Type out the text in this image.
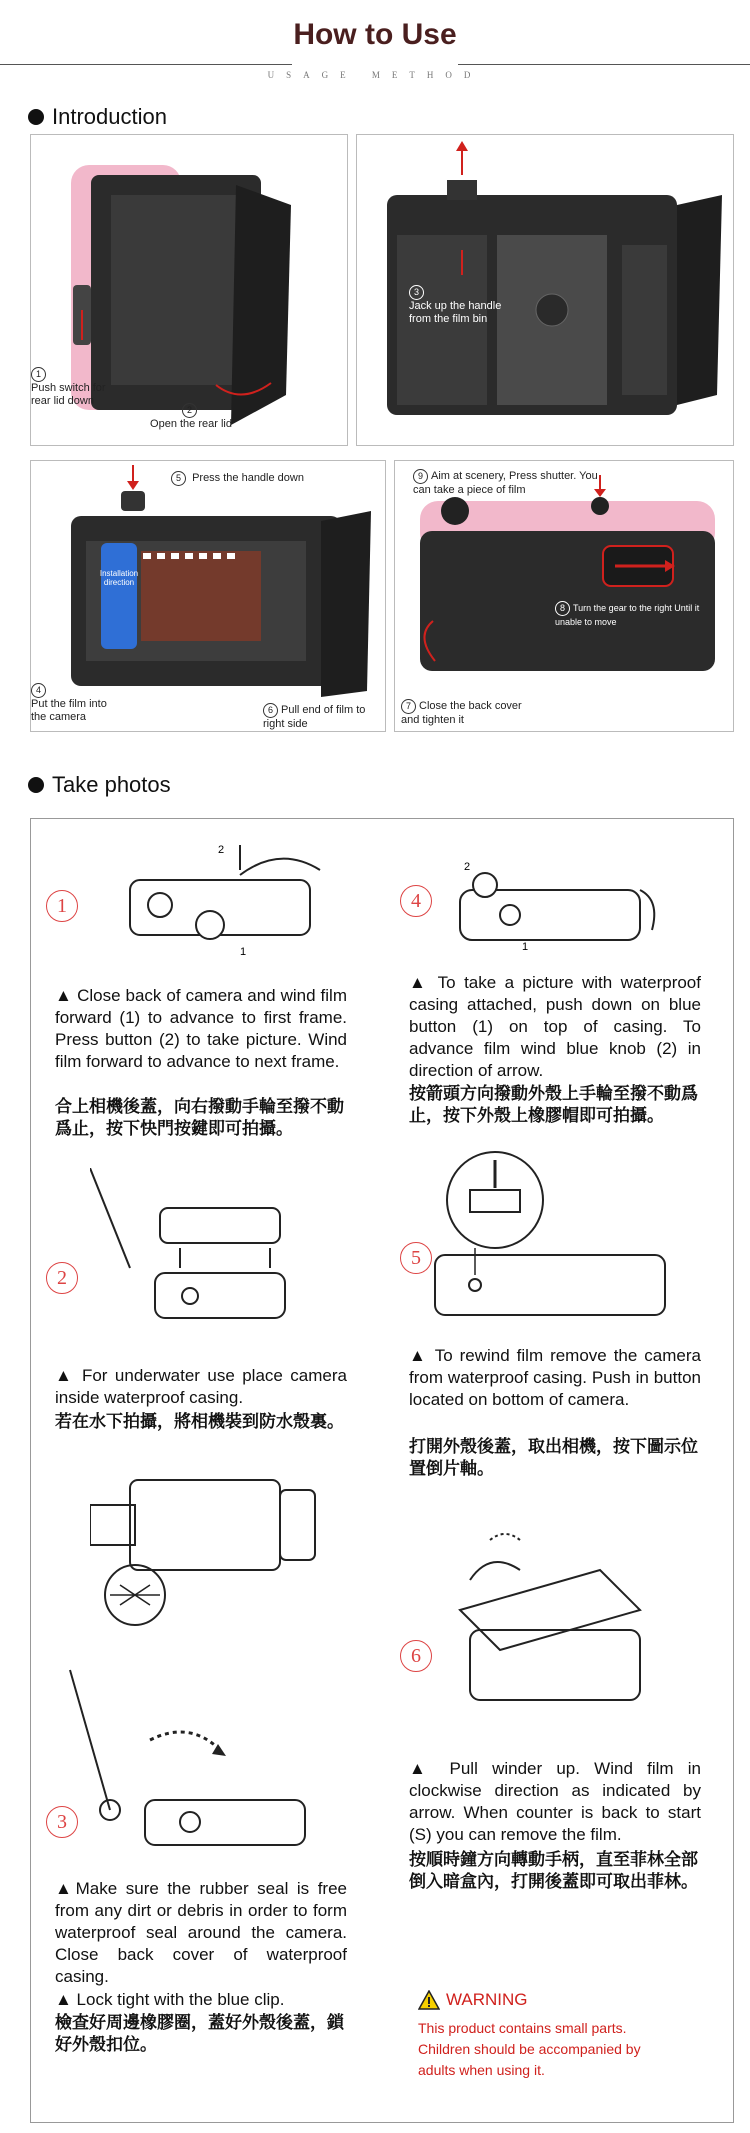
How to Use
USAGE METHOD
Introduction
1
Push switch for rear lid down
2
Open the rear lid
3
Jack up the handle from the film bin
Installation direction
5 Press the handle down
4
Put the film into the camera
6 Pull end of film to right side
9 Aim at scenery, Press shutter. You can take a piece of film
8 Turn the gear to the right Until it unable to move
7 Close the back cover and tighten it
Take photos
1
2
1
▲ Close back of camera and wind film forward (1) to advance to first frame. Press button (2) to take picture. Wind film forward to advance to next frame.
合上相機後蓋，向右撥動手輪至撥不動爲止，按下快門按鍵即可拍攝。
4
2
1
▲ To take a picture with waterproof casing attached, push down on blue button (1) on top of casing. To advance film wind blue knob (2) in direction of arrow.
按箭頭方向撥動外殼上手輪至撥不動爲止，按下外殼上橡膠帽即可拍攝。
2
▲ For underwater use place camera inside waterproof casing.
若在水下拍攝，將相機裝到防水殼裏。
5
▲ To rewind film remove the camera from waterproof casing. Push in button located on bottom of camera.
打開外殼後蓋，取出相機，按下圖示位置倒片軸。
3
▲Make sure the rubber seal is free from any dirt or debris in order to form waterproof seal around the camera. Close back cover of waterproof casing.
▲ Lock tight with the blue clip.
檢查好周邊橡膠圈，蓋好外殼後蓋，鎖好外殼扣位。
6
▲ Pull winder up. Wind film in clockwise direction as indicated by arrow. When counter is back to start (S) you can remove the film.
按順時鐘方向轉動手柄，直至菲林全部倒入暗盒內，打開後蓋即可取出菲林。
WARNING
This product contains small parts.
Children should be accompanied by
adults when using it.
